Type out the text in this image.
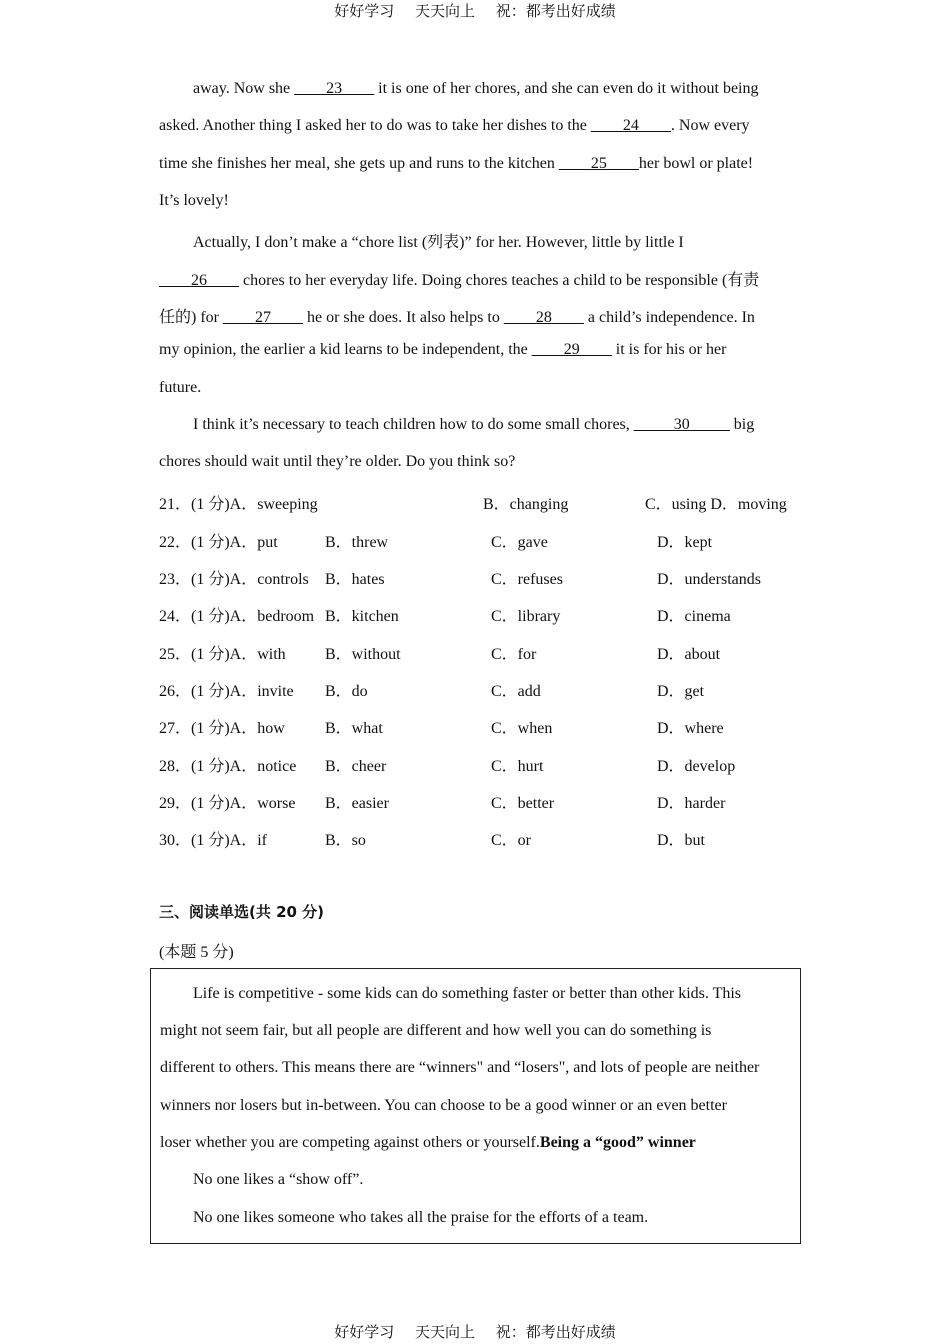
好好学习 天天向上 祝：都考出好成绩
away. Now she ____23____ it is one of her chores, and she can even do it without being
asked. Another thing I asked her to do was to take her dishes to the ____24____. Now every
time she finishes her meal, she gets up and runs to the kitchen ____25____her bowl or plate!
It’s lovely!
Actually, I don’t make a “chore list (列表)” for her. However, little by little I
____26____ chores to her everyday life. Doing chores teaches a child to be responsible (有责
任的) for ____27____ he or she does. It also helps to ____28____ a child’s independence. In
my opinion, the earlier a kid learns to be independent, the ____29____ it is for his or her
future.
I think it’s necessary to teach children how to do some small chores, _____30_____ big
chores should wait until they’re older. Do you think so?
21．(1 分)A．sweeping	B．changing	C．using D．moving
22．(1 分)A．put	B．threw	C．gave	D．kept
23．(1 分)A．controls B．hates	C．refuses	D．understands
24．(1 分)A．bedroom B．kitchen	C．library	D．cinema
25．(1 分)A．with B．without	C．for	D．about
26．(1 分)A．invite B．do	C．add	D．get
27．(1 分)A．how	B．what	C．when	D．where
28．(1 分)A．notice B．cheer	C．hurt	D．develop
29．(1 分)A．worse B．easier	C．better	D．harder
30．(1 分)A．if	B．so	C．or	D．but
三、阅读单选(共 20 分)
(本题 5 分)
Life is competitive - some kids can do something faster or better than other kids. This
might not seem fair, but all people are different and how well you can do something is
different to others. This means there are “winners" and “losers", and lots of people are neither
winners nor losers but in-between. You can choose to be a good winner or an even better
loser whether you are competing against others or yourself.Being a “good” winner
No one likes a “show off”.
No one likes someone who takes all the praise for the efforts of a team.
好好学习 天天向上 祝：都考出好成绩
